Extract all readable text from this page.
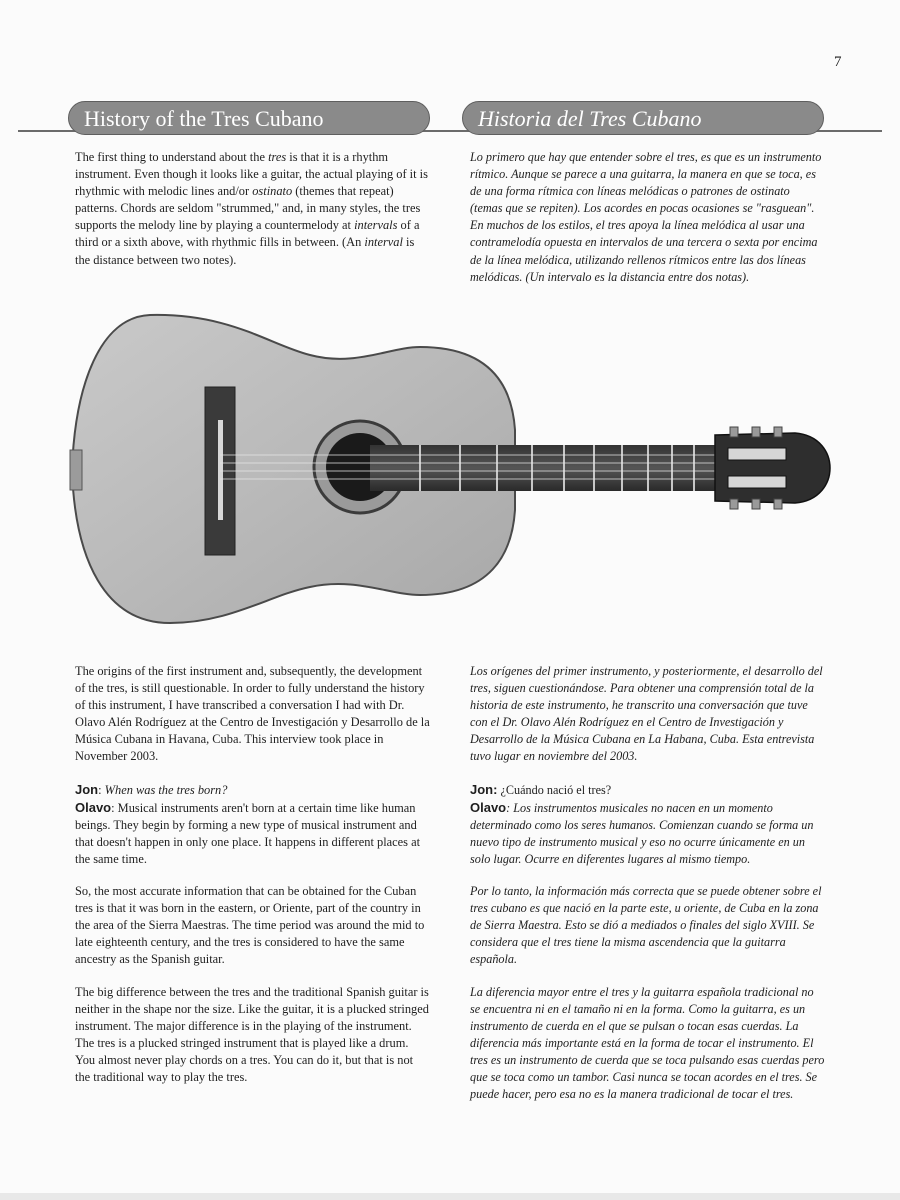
7
History of the Tres Cubano	Historia del Tres Cubano

The first thing to understand about the tres is that it is a rhythm instrument. Even though it looks like a guitar, the actual playing of it is rhythmic with melodic lines and/or ostinato (themes that repeat) patterns. Chords are seldom "strummed," and, in many styles, the tres supports the melody line by playing a countermelody at intervals of a third or a sixth above, with rhythmic fills in between. (An interval is the distance between two notes).

Lo primero que hay que entender sobre el tres, es que es un instrumento rítmico. Aunque se parece a una guitarra, la manera en que se toca, es de una forma rítmica con líneas melódicas o patrones de ostinato (temas que se repiten). Los acordes en pocas ocasiones se "rasguean". En muchos de los estilos, el tres apoya la línea melódica al usar una contramelodía opuesta en intervalos de una tercera o sexta por encima de la línea melódica, utilizando rellenos rítmicos entre las dos líneas melódicas. (Un intervalo es la distancia entre dos notas).

The origins of the first instrument and, subsequently, the development of the tres, is still questionable. In order to fully understand the history of this instrument, I have transcribed a conversation I had with Dr. Olavo Alén Rodríguez at the Centro de Investigación y Desarrollo de la Música Cubana in Havana, Cuba. This interview took place in November 2003.

Jon: When was the tres born?
Olavo: Musical instruments aren't born at a certain time like human beings. They begin by forming a new type of musical instrument and that doesn't happen in only one place. It happens in different places at the same time.

So, the most accurate information that can be obtained for the Cuban tres is that it was born in the eastern, or Oriente, part of the country in the area of the Sierra Maestras. The time period was around the mid to late eighteenth century, and the tres is considered to have the same ancestry as the Spanish guitar.

The big difference between the tres and the traditional Spanish guitar is neither in the shape nor the size. Like the guitar, it is a plucked stringed instrument. The major difference is in the playing of the instrument. The tres is a plucked stringed instrument that is played like a drum. You almost never play chords on a tres. You can do it, but that is not the traditional way to play the tres.

Los orígenes del primer instrumento, y posteriormente, el desarrollo del tres, siguen cuestionándose. Para obtener una comprensión total de la historia de este instrumento, he transcrito una conversación que tuve con el Dr. Olavo Alén Rodríguez en el Centro de Investigación y Desarrollo de la Música Cubana en La Habana, Cuba. Esta entrevista tuvo lugar en noviembre del 2003.

Jon: ¿Cuándo nació el tres?
Olavo: Los instrumentos musicales no nacen en un momento determinado como los seres humanos. Comienzan cuando se forma un nuevo tipo de instrumento musical y eso no ocurre únicamente en un solo lugar. Ocurre en diferentes lugares al mismo tiempo.

Por lo tanto, la información más correcta que se puede obtener sobre el tres cubano es que nació en la parte este, u oriente, de Cuba en la zona de Sierra Maestra. Esto se dió a mediados o finales del siglo XVIII. Se considera que el tres tiene la misma ascendencia que la guitarra española.

La diferencia mayor entre el tres y la guitarra española tradicional no se encuentra ni en el tamaño ni en la forma. Como la guitarra, es un instrumento de cuerda en el que se pulsan o tocan esas cuerdas. La diferencia más importante está en la forma de tocar el instrumento. El tres es un instrumento de cuerda que se toca pulsando esas cuerdas pero que se toca como un tambor. Casi nunca se tocan acordes en el tres. Se puede hacer, pero esa no es la manera tradicional de tocar el tres.
